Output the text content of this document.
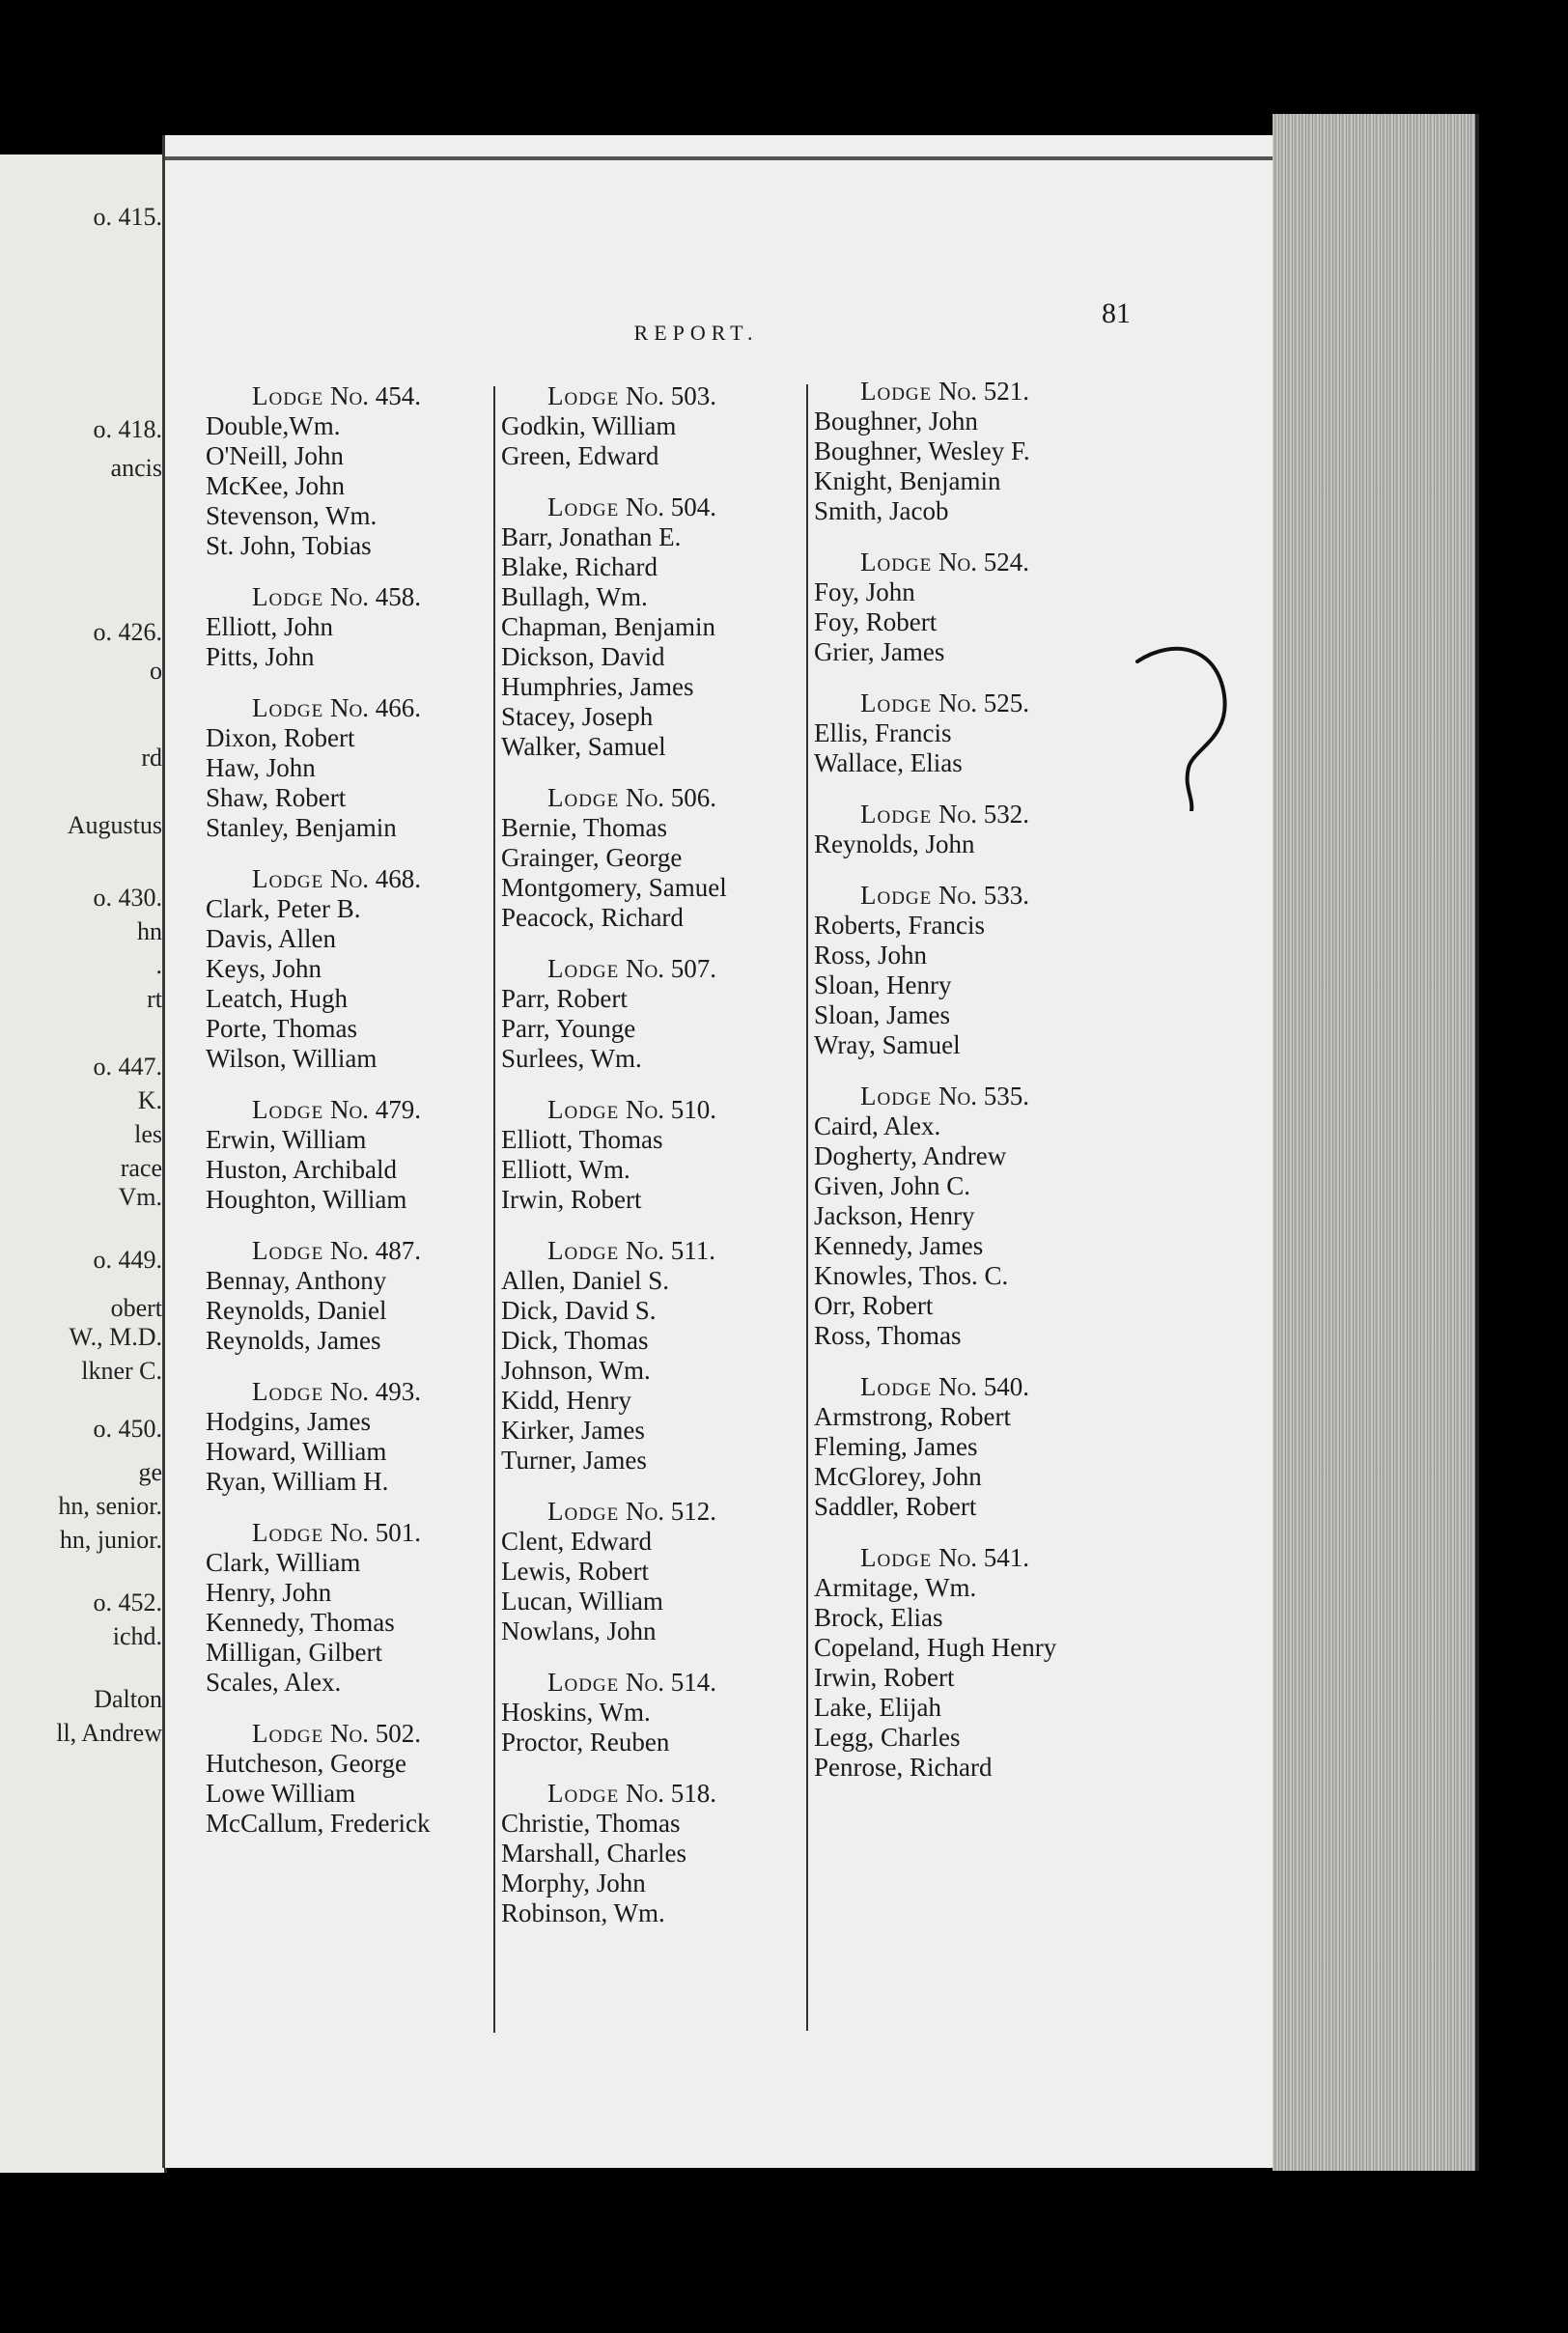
o. 415.
o. 418.
ancis
o. 426.
o
rd
Augustus
o. 430.
hn
.
rt
o. 447.
K.
les
race
Vm.
o. 449.
obert
W., M.D.
lkner C.
o. 450.
ge
hn, senior.
hn, junior.
o. 452.
ichd.
Dalton
ll, Andrew
REPORT.
81
Lodge No. 454.
Double,Wm.
O'Neill, John
McKee, John
Stevenson, Wm.
St. John, Tobias
Lodge No. 458.
Elliott, John
Pitts, John
Lodge No. 466.
Dixon, Robert
Haw, John
Shaw, Robert
Stanley, Benjamin
Lodge No. 468.
Clark, Peter B.
Davis, Allen
Keys, John
Leatch, Hugh
Porte, Thomas
Wilson, William
Lodge No. 479.
Erwin, William
Huston, Archibald
Houghton, William
Lodge No. 487.
Bennay, Anthony
Reynolds, Daniel
Reynolds, James
Lodge No. 493.
Hodgins, James
Howard, William
Ryan, William H.
Lodge No. 501.
Clark, William
Henry, John
Kennedy, Thomas
Milligan, Gilbert
Scales, Alex.
Lodge No. 502.
Hutcheson, George
Lowe William
McCallum, Frederick
Lodge No. 503.
Godkin, William
Green, Edward
Lodge No. 504.
Barr, Jonathan E.
Blake, Richard
Bullagh, Wm.
Chapman, Benjamin
Dickson, David
Humphries, James
Stacey, Joseph
Walker, Samuel
Lodge No. 506.
Bernie, Thomas
Grainger, George
Montgomery, Samuel
Peacock, Richard
Lodge No. 507.
Parr, Robert
Parr, Younge
Surlees, Wm.
Lodge No. 510.
Elliott, Thomas
Elliott, Wm.
Irwin, Robert
Lodge No. 511.
Allen, Daniel S.
Dick, David S.
Dick, Thomas
Johnson, Wm.
Kidd, Henry
Kirker, James
Turner, James
Lodge No. 512.
Clent, Edward
Lewis, Robert
Lucan, William
Nowlans, John
Lodge No. 514.
Hoskins, Wm.
Proctor, Reuben
Lodge No. 518.
Christie, Thomas
Marshall, Charles
Morphy, John
Robinson, Wm.
Lodge No. 521.
Boughner, John
Boughner, Wesley F.
Knight, Benjamin
Smith, Jacob
Lodge No. 524.
Foy, John
Foy, Robert
Grier, James
Lodge No. 525.
Ellis, Francis
Wallace, Elias
Lodge No. 532.
Reynolds, John
Lodge No. 533.
Roberts, Francis
Ross, John
Sloan, Henry
Sloan, James
Wray, Samuel
Lodge No. 535.
Caird, Alex.
Dogherty, Andrew
Given, John C.
Jackson, Henry
Kennedy, James
Knowles, Thos. C.
Orr, Robert
Ross, Thomas
Lodge No. 540.
Armstrong, Robert
Fleming, James
McGlorey, John
Saddler, Robert
Lodge No. 541.
Armitage, Wm.
Brock, Elias
Copeland, Hugh Henry
Irwin, Robert
Lake, Elijah
Legg, Charles
Penrose, Richard
